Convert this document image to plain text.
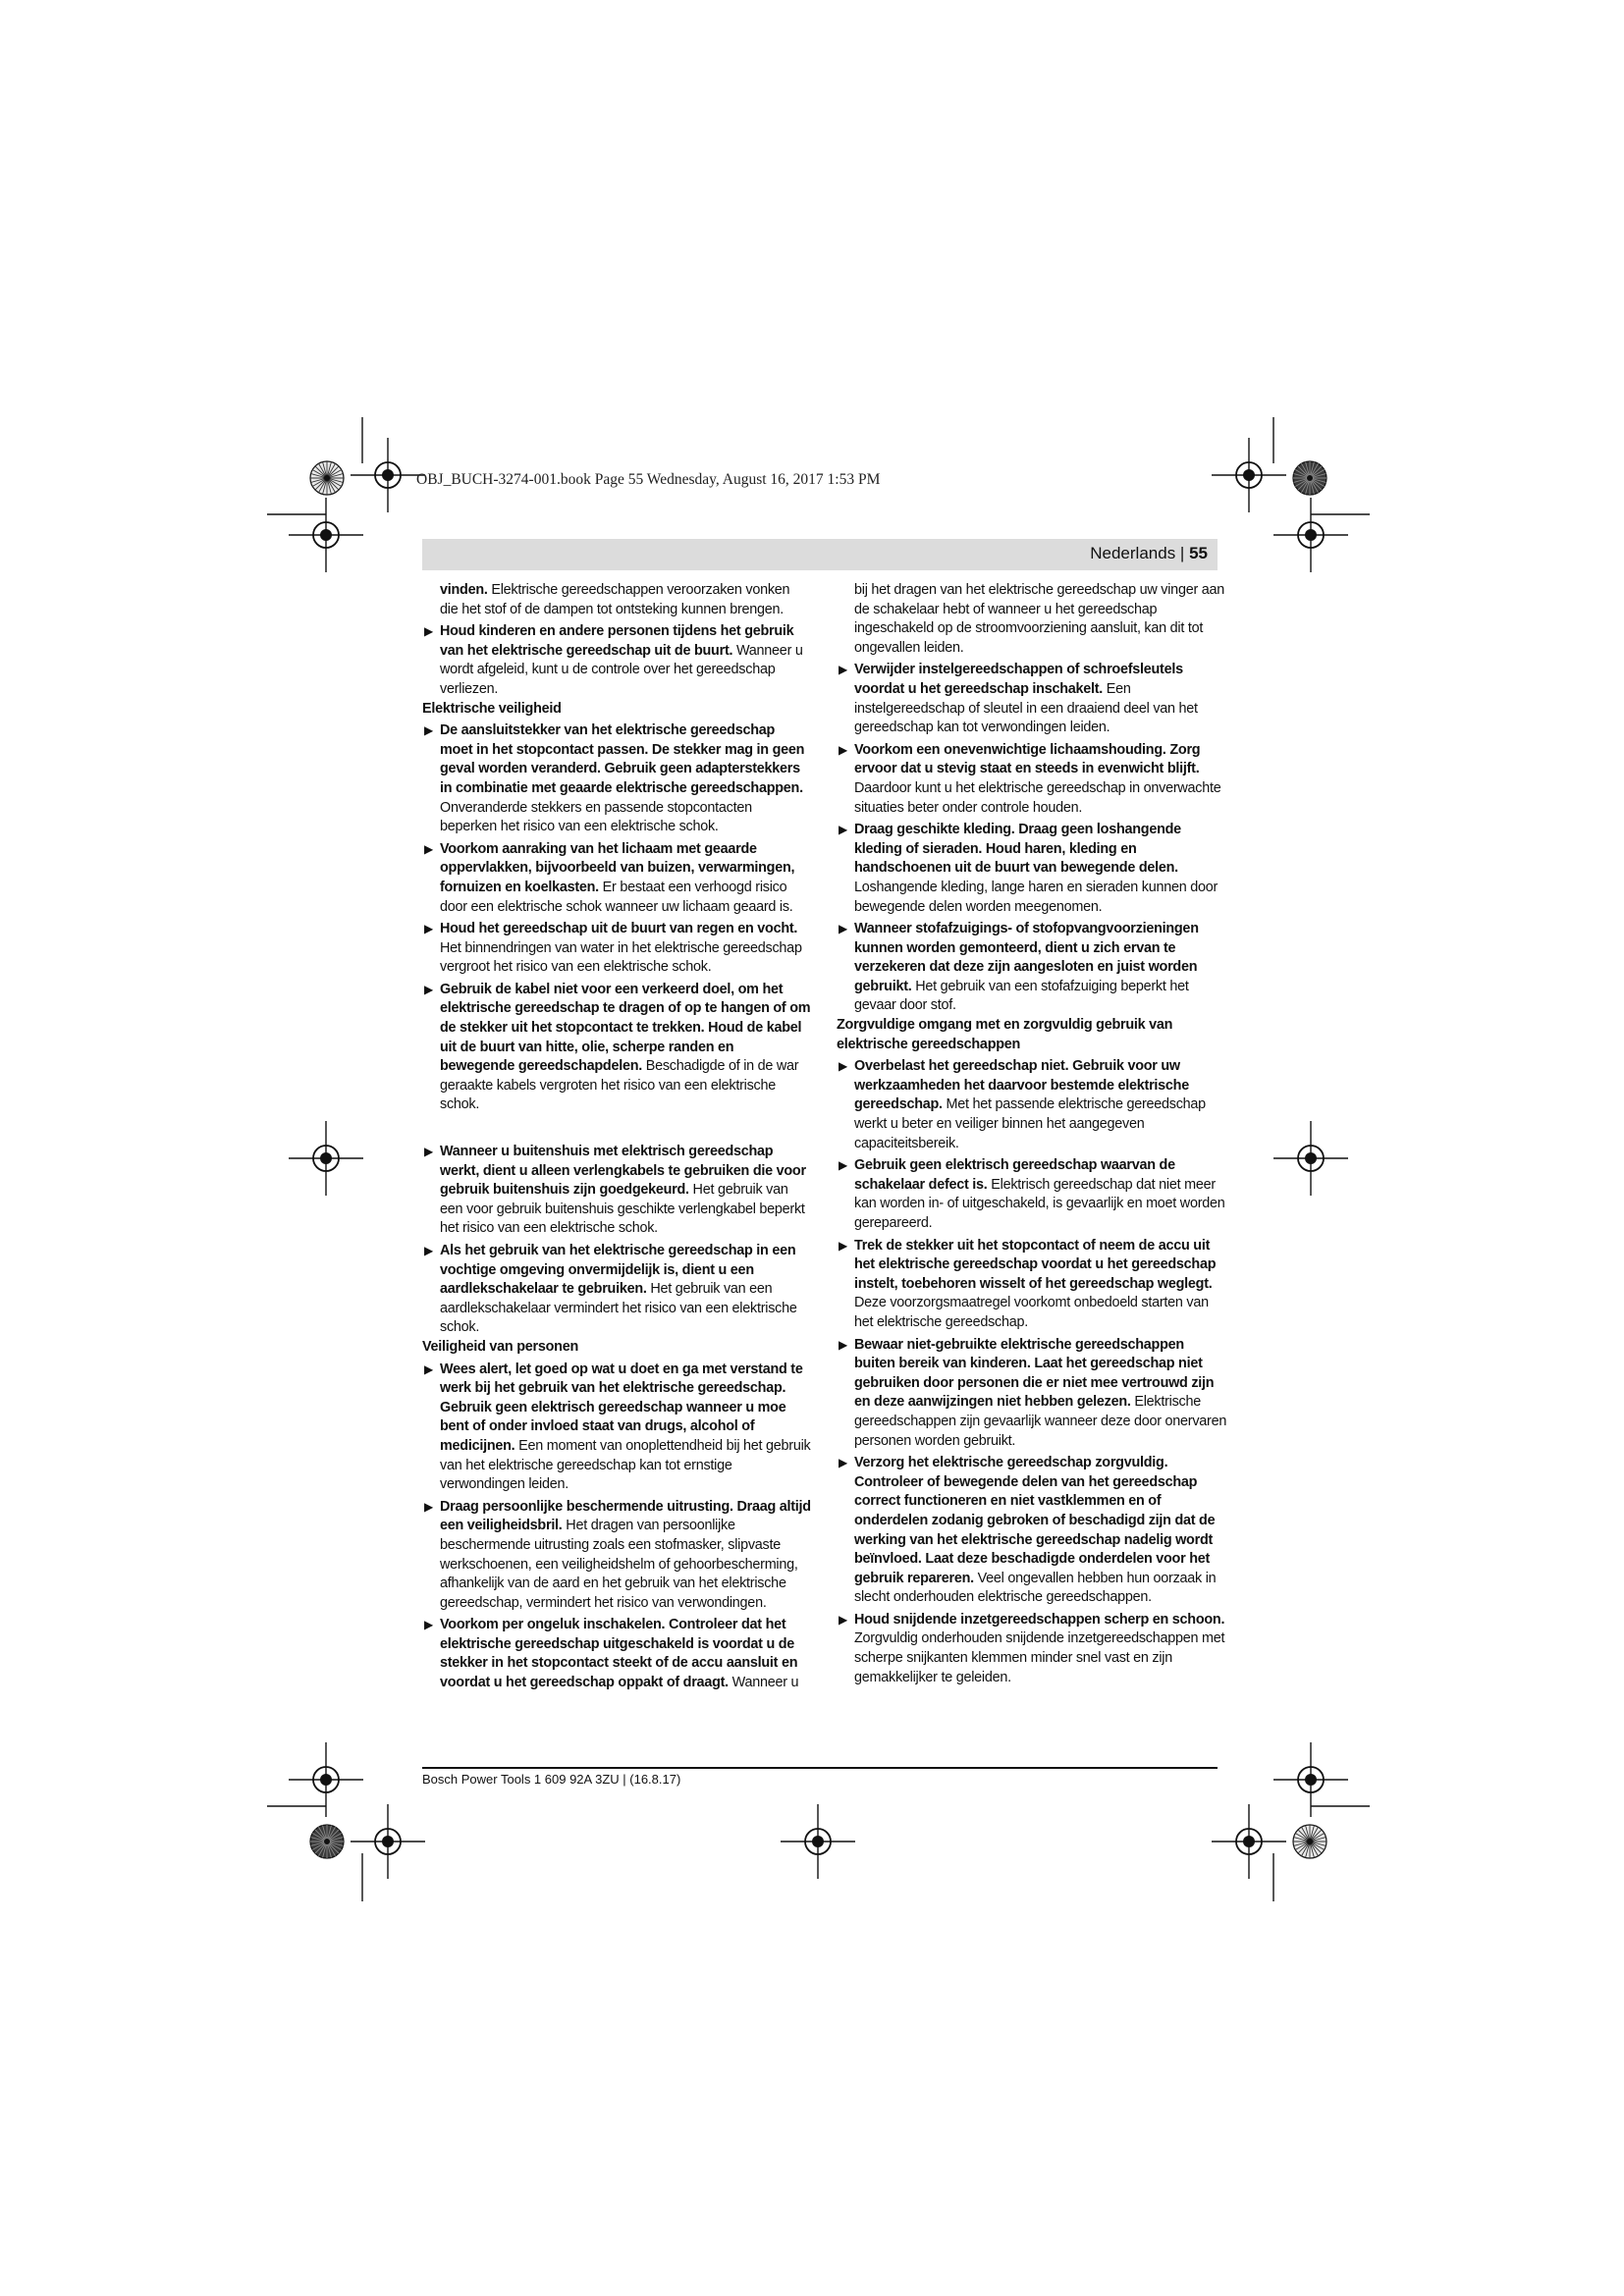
OBJ_BUCH-3274-001.book Page 55 Wednesday, August 16, 2017 1:53 PM
Nederlands | 55

vinden. Elektrische gereedschappen veroorzaken vonken die het stof of de dampen tot ontsteking kunnen brengen.

▶ Houd kinderen en andere personen tijdens het gebruik van het elektrische gereedschap uit de buurt. Wanneer u wordt afgeleid, kunt u de controle over het gereedschap verliezen.

Elektrische veiligheid

▶ De aansluitstekker van het elektrische gereedschap moet in het stopcontact passen. De stekker mag in geen geval worden veranderd. Gebruik geen adapterstekkers in combinatie met geaarde elektrische gereedschappen. Onveranderde stekkers en passende stopcontacten beperken het risico van een elektrische schok.
▶ Voorkom aanraking van het lichaam met geaarde oppervlakken, bijvoorbeeld van buizen, verwarmingen, fornuizen en koelkasten. Er bestaat een verhoogd risico door een elektrische schok wanneer uw lichaam geaard is.
▶ Houd het gereedschap uit de buurt van regen en vocht. Het binnendringen van water in het elektrische gereedschap vergroot het risico van een elektrische schok.
▶ Gebruik de kabel niet voor een verkeerd doel, om het elektrische gereedschap te dragen of op te hangen of om de stekker uit het stopcontact te trekken. Houd de kabel uit de buurt van hitte, olie, scherpe randen en bewegende gereedschapdelen. Beschadigde of in de war geraakte kabels vergroten het risico van een elektrische schok.
▶ Wanneer u buitenshuis met elektrisch gereedschap werkt, dient u alleen verlengkabels te gebruiken die voor gebruik buitenshuis zijn goedgekeurd. Het gebruik van een voor gebruik buitenshuis geschikte verlengkabel beperkt het risico van een elektrische schok.
▶ Als het gebruik van het elektrische gereedschap in een vochtige omgeving onvermijdelijk is, dient u een aardlekschakelaar te gebruiken. Het gebruik van een aardlekschakelaar vermindert het risico van een elektrische schok.

Veiligheid van personen

▶ Wees alert, let goed op wat u doet en ga met verstand te werk bij het gebruik van het elektrische gereedschap. Gebruik geen elektrisch gereedschap wanneer u moe bent of onder invloed staat van drugs, alcohol of medicijnen. Een moment van onoplettendheid bij het gebruik van het elektrische gereedschap kan tot ernstige verwondingen leiden.
▶ Draag persoonlijke beschermende uitrusting. Draag altijd een veiligheidsbril. Het dragen van persoonlijke beschermende uitrusting zoals een stofmasker, slipvaste werkschoenen, een veiligheidshelm of gehoorbescherming, afhankelijk van de aard en het gebruik van het elektrische gereedschap, vermindert het risico van verwondingen.
▶ Voorkom per ongeluk inschakelen. Controleer dat het elektrische gereedschap uitgeschakeld is voordat u de stekker in het stopcontact steekt of de accu aansluit en voordat u het gereedschap oppakt of draagt. Wanneer u

bij het dragen van het elektrische gereedschap uw vinger aan de schakelaar hebt of wanneer u het gereedschap ingeschakeld op de stroomvoorziening aansluit, kan dit tot ongevallen leiden.

▶ Verwijder instelgereedschappen of schroefsleutels voordat u het gereedschap inschakelt. Een instelgereedschap of sleutel in een draaiend deel van het gereedschap kan tot verwondingen leiden.
▶ Voorkom een onevenwichtige lichaamshouding. Zorg ervoor dat u stevig staat en steeds in evenwicht blijft. Daardoor kunt u het elektrische gereedschap in onverwachte situaties beter onder controle houden.
▶ Draag geschikte kleding. Draag geen loshangende kleding of sieraden. Houd haren, kleding en handschoenen uit de buurt van bewegende delen. Loshangende kleding, lange haren en sieraden kunnen door bewegende delen worden meegenomen.
▶ Wanneer stofafzuigings- of stofopvangvoorzieningen kunnen worden gemonteerd, dient u zich ervan te verzekeren dat deze zijn aangesloten en juist worden gebruikt. Het gebruik van een stofafzuiging beperkt het gevaar door stof.

Zorgvuldige omgang met en zorgvuldig gebruik van elektrische gereedschappen

▶ Overbelast het gereedschap niet. Gebruik voor uw werkzaamheden het daarvoor bestemde elektrische gereedschap. Met het passende elektrische gereedschap werkt u beter en veiliger binnen het aangegeven capaciteitsbereik.
▶ Gebruik geen elektrisch gereedschap waarvan de schakelaar defect is. Elektrisch gereedschap dat niet meer kan worden in- of uitgeschakeld, is gevaarlijk en moet worden gerepareerd.
▶ Trek de stekker uit het stopcontact of neem de accu uit het elektrische gereedschap voordat u het gereedschap instelt, toebehoren wisselt of het gereedschap weglegt. Deze voorzorgsmaatregel voorkomt onbedoeld starten van het elektrische gereedschap.
▶ Bewaar niet-gebruikte elektrische gereedschappen buiten bereik van kinderen. Laat het gereedschap niet gebruiken door personen die er niet mee vertrouwd zijn en deze aanwijzingen niet hebben gelezen. Elektrische gereedschappen zijn gevaarlijk wanneer deze door onervaren personen worden gebruikt.
▶ Verzorg het elektrische gereedschap zorgvuldig. Controleer of bewegende delen van het gereedschap correct functioneren en niet vastklemmen en of onderdelen zodanig gebroken of beschadigd zijn dat de werking van het elektrische gereedschap nadelig wordt beïnvloed. Laat deze beschadigde onderdelen voor het gebruik repareren. Veel ongevallen hebben hun oorzaak in slecht onderhouden elektrische gereedschappen.
▶ Houd snijdende inzetgereedschappen scherp en schoon. Zorgvuldig onderhouden snijdende inzetgereedschappen met scherpe snijkanten klemmen minder snel vast en zijn gemakkelijker te geleiden.
Bosch Power Tools 1 609 92A 3ZU | (16.8.17)
